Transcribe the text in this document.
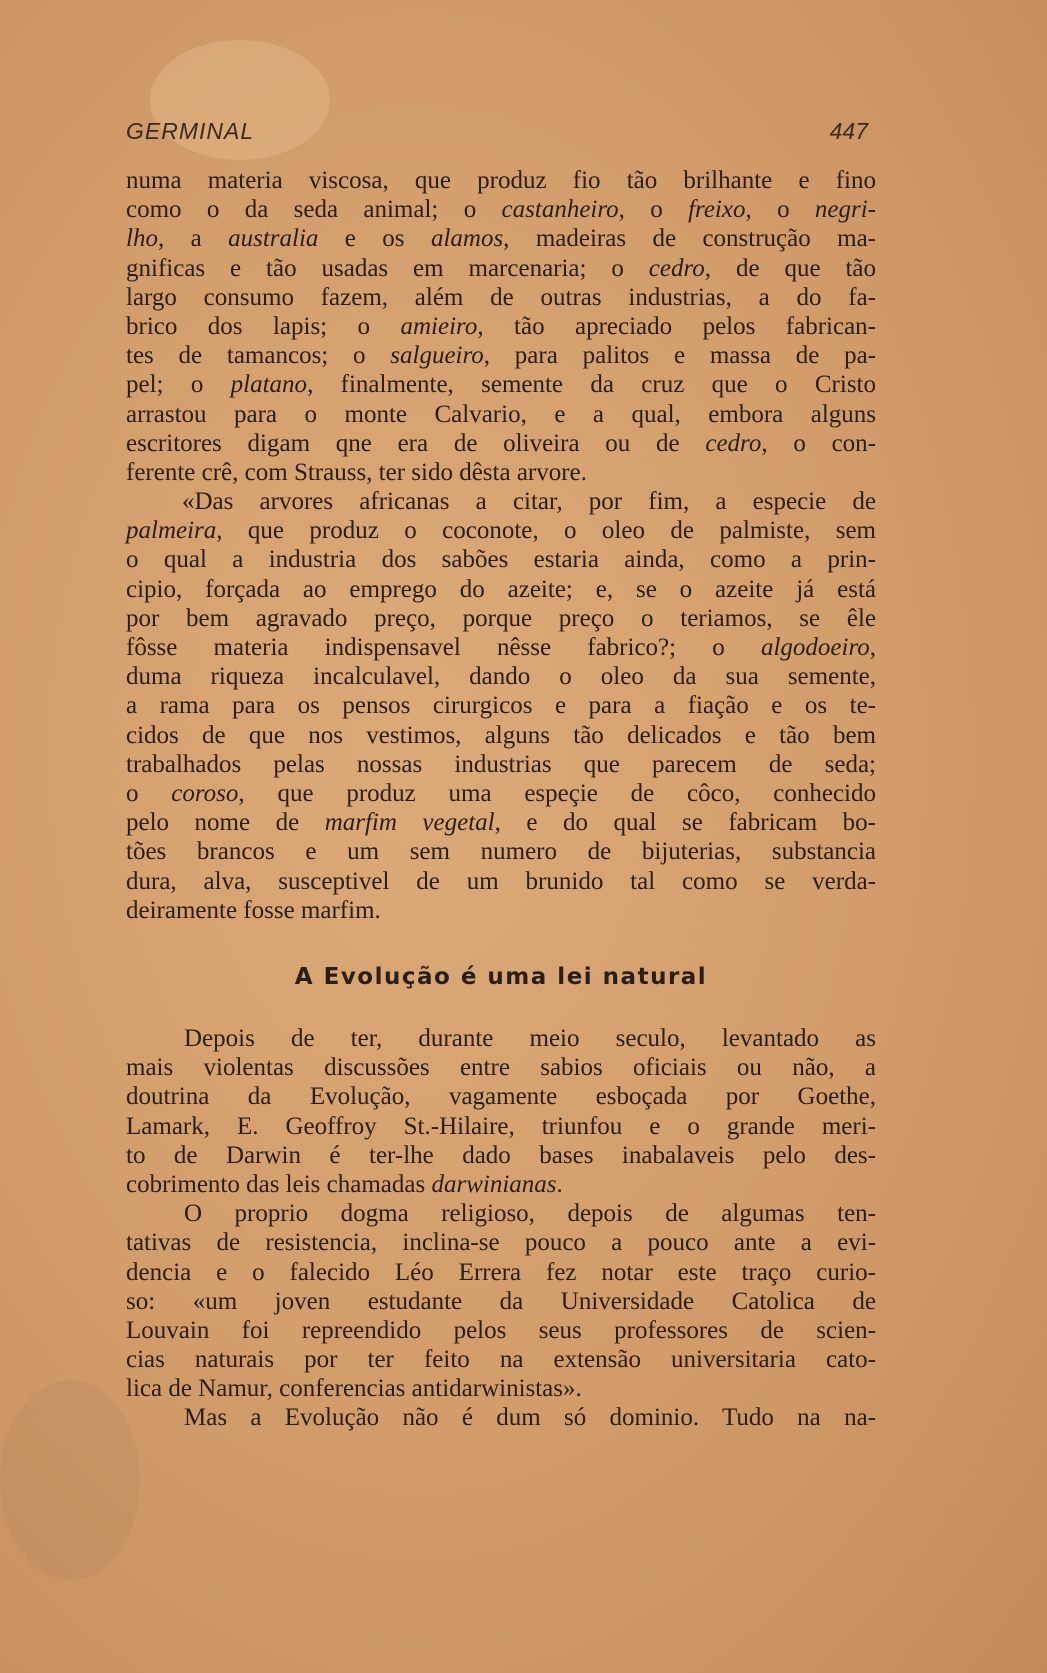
GERMINAL	447
numa materia viscosa, que produz fio tão brilhante e fino
como o da seda animal; o castanheiro, o freixo, o negri-
lho, a australia e os alamos, madeiras de construção ma-
gnificas e tão usadas em marcenaria; o cedro, de que tão
largo consumo fazem, além de outras industrias, a do fa-
brico dos lapis; o amieiro, tão apreciado pelos fabrican-
tes de tamancos; o salgueiro, para palitos e massa de pa-
pel; o platano, finalmente, semente da cruz que o Cristo
arrastou para o monte Calvario, e a qual, embora alguns
escritores digam qne era de oliveira ou de cedro, o con-
ferente crê, com Strauss, ter sido dêsta arvore.
«Das arvores africanas a citar, por fim, a especie de
palmeira, que produz o coconote, o oleo de palmiste, sem
o qual a industria dos sabões estaria ainda, como a prin-
cipio, forçada ao emprego do azeite; e, se o azeite já está
por bem agravado preço, porque preço o teriamos, se êle
fôsse materia indispensavel nêsse fabrico?; o algodoeiro,
duma riqueza incalculavel, dando o oleo da sua semente,
a rama para os pensos cirurgicos e para a fiação e os te-
cidos de que nos vestimos, alguns tão delicados e tão bem
trabalhados pelas nossas industrias que parecem de seda;
o coroso, que produz uma espeçie de côco, conhecido
pelo nome de marfim vegetal, e do qual se fabricam bo-
tões brancos e um sem numero de bijuterias, substancia
dura, alva, susceptivel de um brunido tal como se verda-
deiramente fosse marfim.
A Evolução é uma lei natural
Depois de ter, durante meio seculo, levantado as
mais violentas discussões entre sabios oficiais ou não, a
doutrina da Evolução, vagamente esboçada por Goethe,
Lamark, E. Geoffroy St.-Hilaire, triunfou e o grande meri-
to de Darwin é ter-lhe dado bases inabalaveis pelo des-
cobrimento das leis chamadas darwinianas.
O proprio dogma religioso, depois de algumas ten-
tativas de resistencia, inclina-se pouco a pouco ante a evi-
dencia e o falecido Léo Errera fez notar este traço curio-
so: «um joven estudante da Universidade Catolica de
Louvain foi repreendido pelos seus professores de scien-
cias naturais por ter feito na extensão universitaria cato-
lica de Namur, conferencias antidarwinistas».
Mas a Evolução não é dum só dominio. Tudo na na-
